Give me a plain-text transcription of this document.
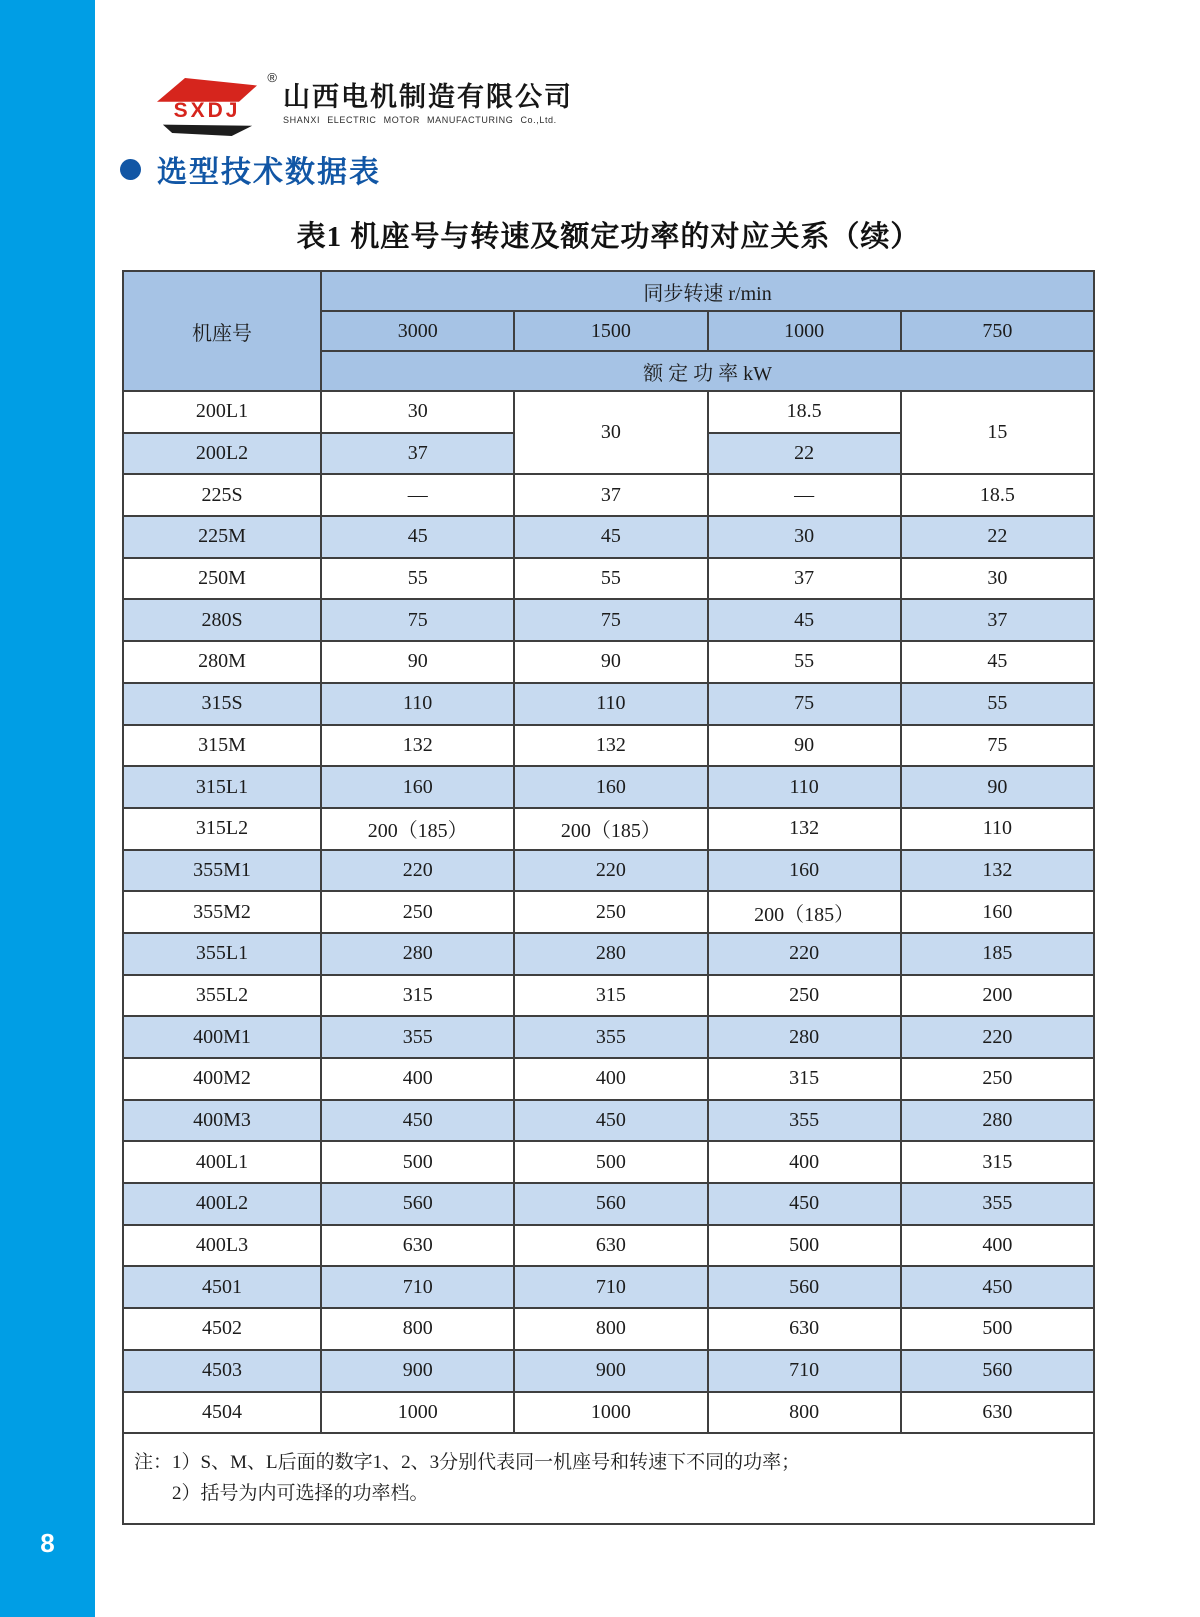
8
SXDJ
®
山西电机制造有限公司
SHANXI ELECTRIC MOTOR MANUFACTURING Co.,Ltd.
选型技术数据表
表1 机座号与转速及额定功率的对应关系（续）
机座号	同步转速 r/min			
	3000	1500	1000	750
	额 定 功 率 kW			
200L1	30	30	18.5	15
200L2	37		22	
225S	—	37	—	18.5
225M	45	45	30	22
250M	55	55	37	30
280S	75	75	45	37
280M	90	90	55	45
315S	110	110	75	55
315M	132	132	90	75
315L1	160	160	110	90
315L2	200（185）	200（185）	132	110
355M1	220	220	160	132
355M2	250	250	200（185）	160
355L1	280	280	220	185
355L2	315	315	250	200
400M1	355	355	280	220
400M2	400	400	315	250
400M3	450	450	355	280
400L1	500	500	400	315
400L2	560	560	450	355
400L3	630	630	500	400
4501	710	710	560	450
4502	800	800	630	500
4503	900	900	710	560
4504	1000	1000	800	630

注：1）S、M、L后面的数字1、2、3分别代表同一机座号和转速下不同的功率；
2）括号为内可选择的功率档。				
